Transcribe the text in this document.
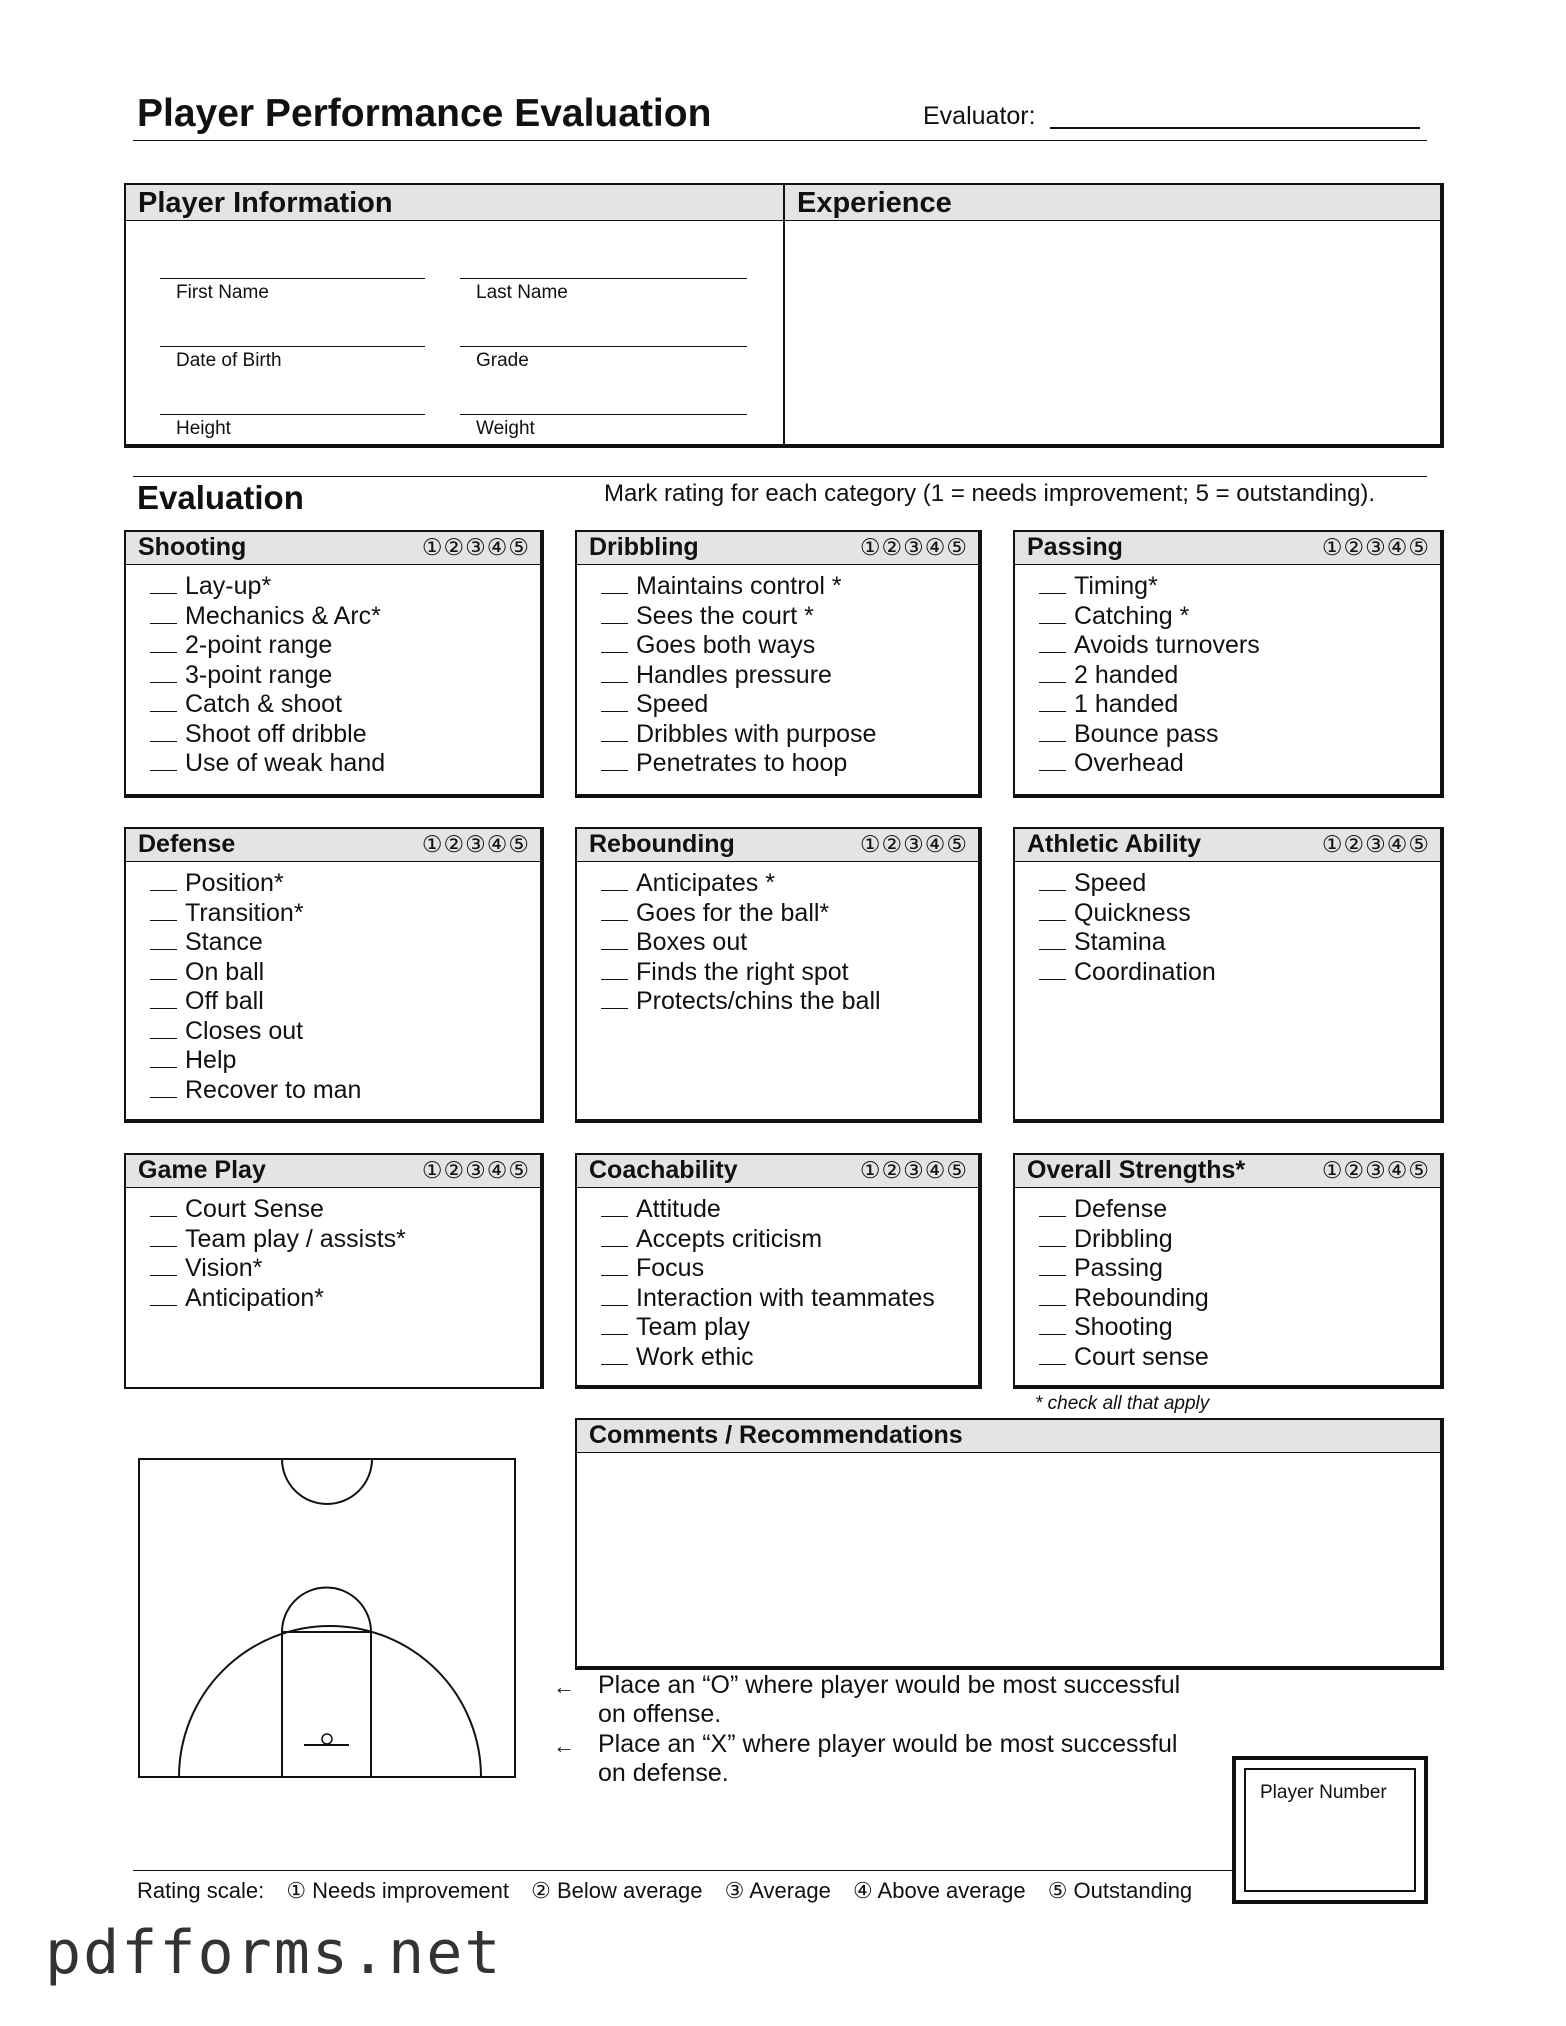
Player Performance Evaluation	Evaluator:
Player Information
First Name	Last Name
Date of Birth	Grade
Height	Weight
Experience
Evaluation	Mark rating for each category (1 = needs improvement; 5 = outstanding).
Shooting	①②③④⑤
Lay-up*
Mechanics & Arc*
2-point range
3-point range
Catch & shoot
Shoot off dribble
Use of weak hand
Dribbling	①②③④⑤
Maintains control *
Sees the court *
Goes both ways
Handles pressure
Speed
Dribbles with purpose
Penetrates to hoop
Passing	①②③④⑤
Timing*
Catching *
Avoids turnovers
2 handed
1 handed
Bounce pass
Overhead
Defense	①②③④⑤
Position*
Transition*
Stance
On ball
Off ball
Closes out
Help
Recover to man
Rebounding	①②③④⑤
Anticipates *
Goes for the ball*
Boxes out
Finds the right spot
Protects/chins the ball
Athletic Ability	①②③④⑤
Speed
Quickness
Stamina
Coordination
Game Play	①②③④⑤
Court Sense
Team play / assists*
Vision*
Anticipation*
Coachability	①②③④⑤
Attitude
Accepts criticism
Focus
Interaction with teammates
Team play
Work ethic
Overall Strengths*	①②③④⑤
Defense
Dribbling
Passing
Rebounding
Shooting
Court sense
* check all that apply
Comments / Recommendations
← Place an “O” where player would be most successful
on offense.
← Place an “X” where player would be most successful
on defense.
Player Number
Rating scale: ① Needs improvement ② Below average ③ Average ④ Above average ⑤ Outstanding
pdfforms.net
